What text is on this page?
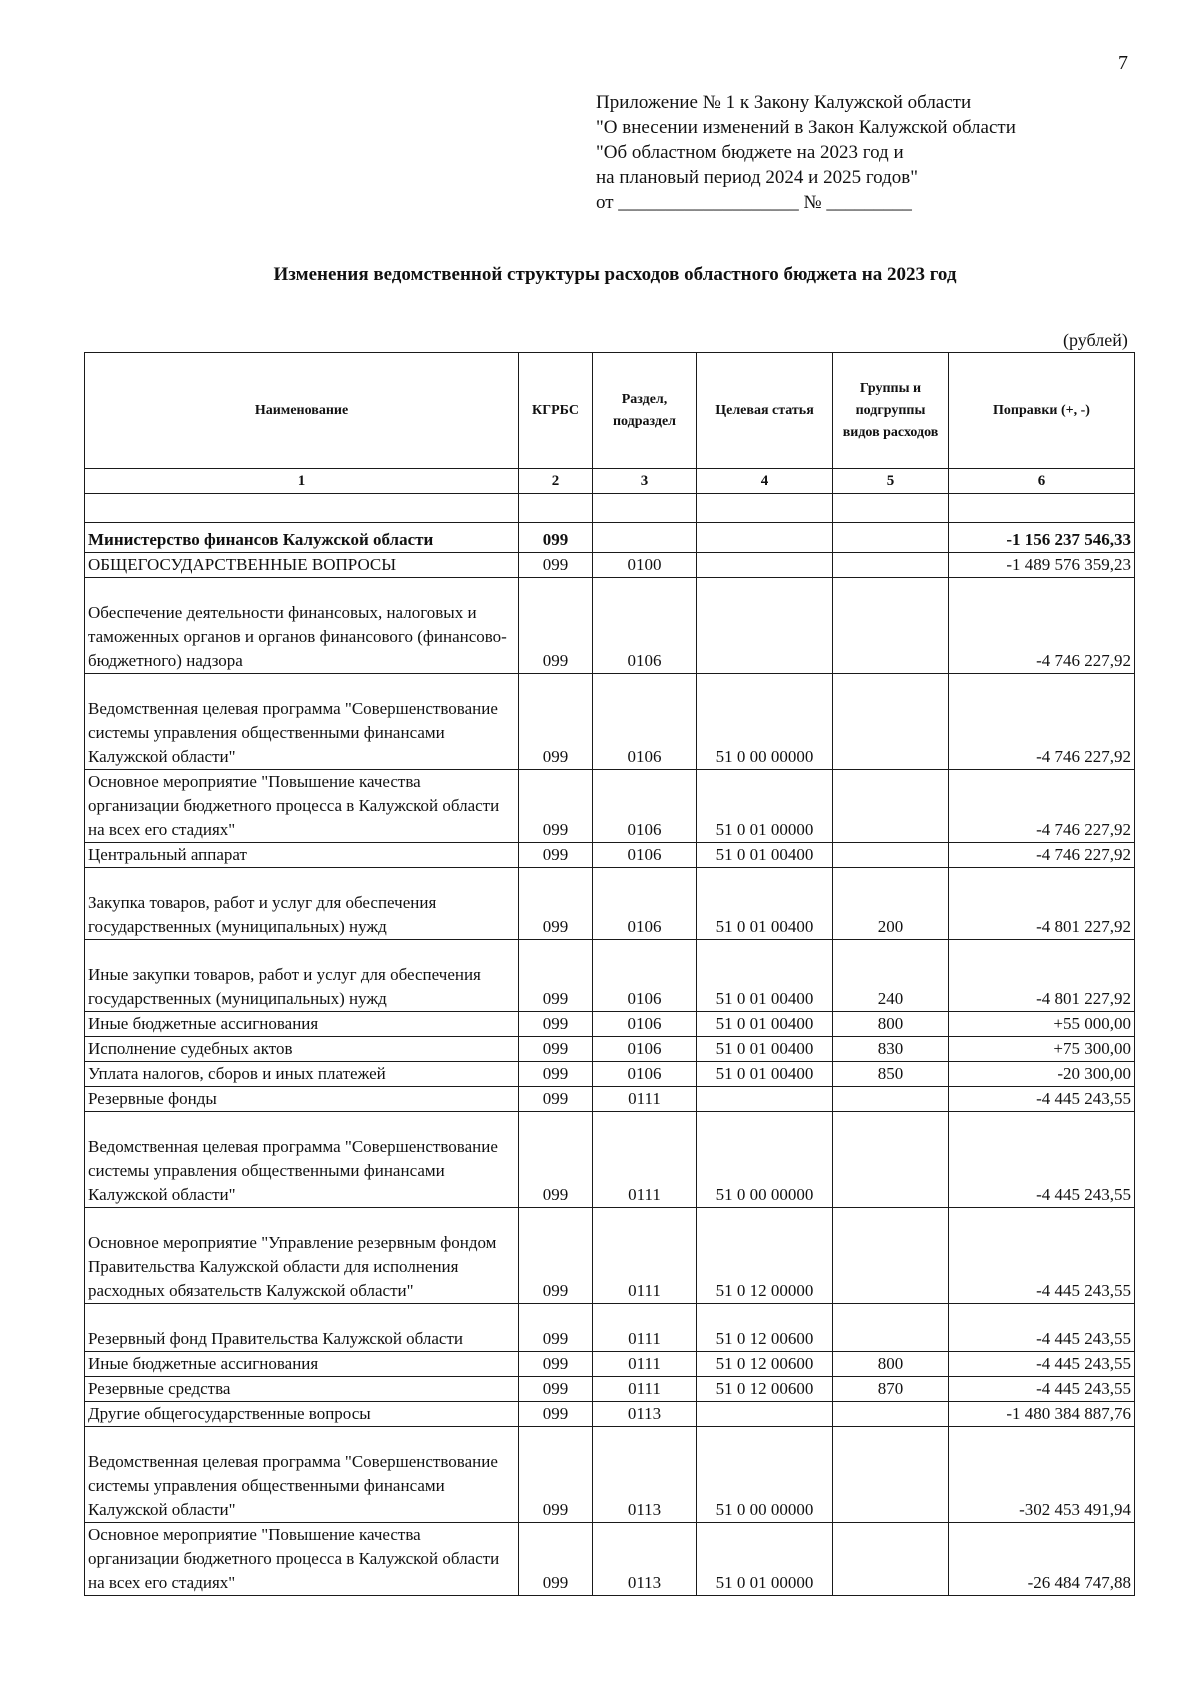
7
Приложение № 1 к Закону Калужской области
"О внесении изменений в Закон Калужской области
"Об областном бюджете на 2023 год и
на плановый период 2024 и 2025 годов"
от ___________________ № _________
Изменения ведомственной структуры расходов областного бюджета на 2023 год
(рублей)
Наименование	КГРБС	Раздел, подраздел	Целевая статья	Группы и подгруппы видов расходов	Поправки (+, -)
1	2	3	4	5	6

Министерство финансов Калужской области	099				-1 156 237 546,33
ОБЩЕГОСУДАРСТВЕННЫЕ ВОПРОСЫ	099	0100			-1 489 576 359,23
Обеспечение деятельности финансовых, налоговых и таможенных органов и органов финансового (финансово-бюджетного) надзора	099	0106			-4 746 227,92
Ведомственная целевая программа "Совершенствование системы управления общественными финансами Калужской области"	099	0106	51 0 00 00000		-4 746 227,92
Основное мероприятие "Повышение качества организации бюджетного процесса в Калужской области на всех его стадиях"	099	0106	51 0 01 00000		-4 746 227,92
Центральный аппарат	099	0106	51 0 01 00400		-4 746 227,92
Закупка товаров, работ и услуг для обеспечения государственных (муниципальных) нужд	099	0106	51 0 01 00400	200	-4 801 227,92
Иные закупки товаров, работ и услуг для обеспечения государственных (муниципальных) нужд	099	0106	51 0 01 00400	240	-4 801 227,92
Иные бюджетные ассигнования	099	0106	51 0 01 00400	800	+55 000,00
Исполнение судебных актов	099	0106	51 0 01 00400	830	+75 300,00
Уплата налогов, сборов и иных платежей	099	0106	51 0 01 00400	850	-20 300,00
Резервные фонды	099	0111			-4 445 243,55
Ведомственная целевая программа "Совершенствование системы управления общественными финансами Калужской области"	099	0111	51 0 00 00000		-4 445 243,55
Основное мероприятие "Управление резервным фондом Правительства Калужской области для исполнения расходных обязательств Калужской области"	099	0111	51 0 12 00000		-4 445 243,55
Резервный фонд Правительства Калужской области	099	0111	51 0 12 00600		-4 445 243,55
Иные бюджетные ассигнования	099	0111	51 0 12 00600	800	-4 445 243,55
Резервные средства	099	0111	51 0 12 00600	870	-4 445 243,55
Другие общегосударственные вопросы	099	0113			-1 480 384 887,76
Ведомственная целевая программа "Совершенствование системы управления общественными финансами Калужской области"	099	0113	51 0 00 00000		-302 453 491,94
Основное мероприятие "Повышение качества организации бюджетного процесса в Калужской области на всех его стадиях"	099	0113	51 0 01 00000		-26 484 747,88
